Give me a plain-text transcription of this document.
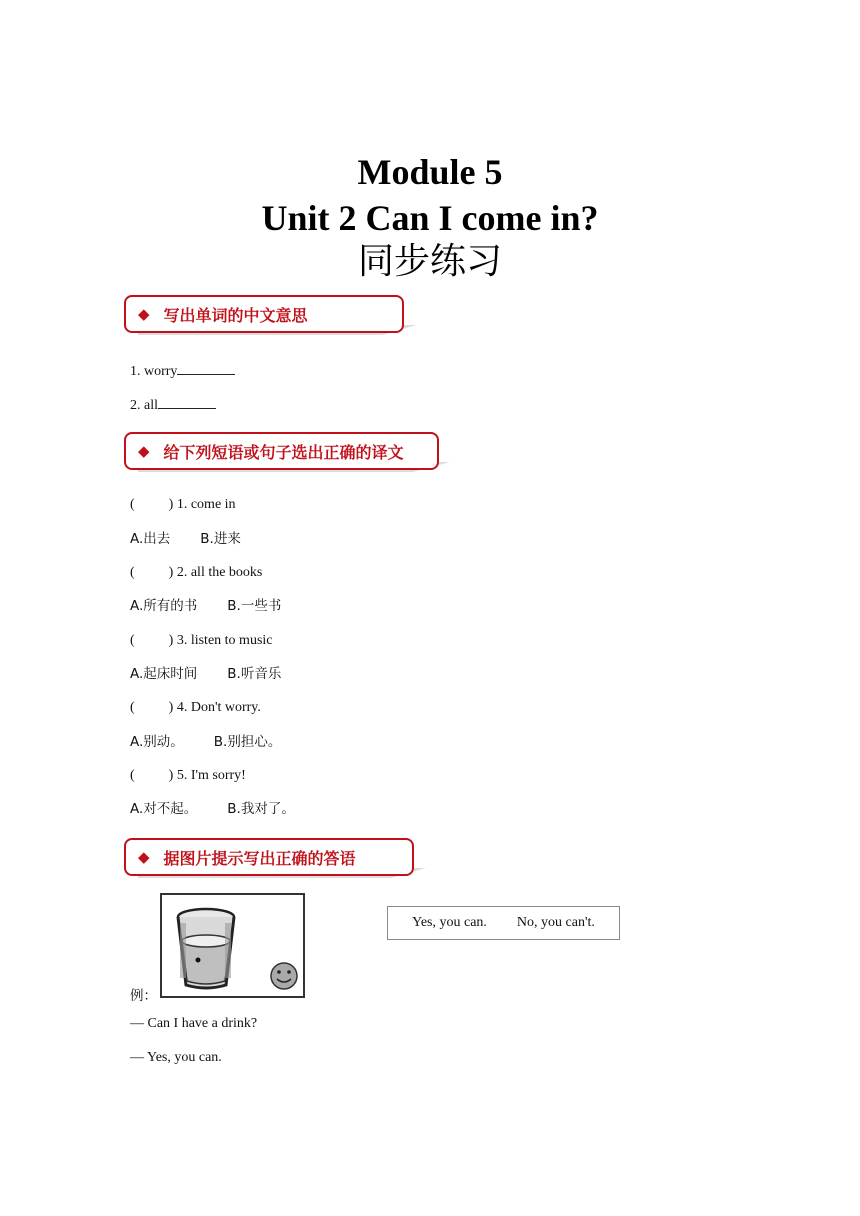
Module 5
Unit 2 Can I come in?
同步练习
◆ 写出单词的中文意思
1. worry
2. all
◆ 给下列短语或句子选出正确的译文
( ) 1. come in
A.出去 B.进来
( ) 2. all the books
A.所有的书 B.一些书
( ) 3. listen to music
A.起床时间 B.听音乐
( ) 4. Don't worry.
A.别动。 B.别担心。
( ) 5. I'm sorry!
A.对不起。 B.我对了。
◆ 据图片提示写出正确的答语
例：
Yes, you can. No, you can't.
— Can I have a drink?
— Yes, you can.
